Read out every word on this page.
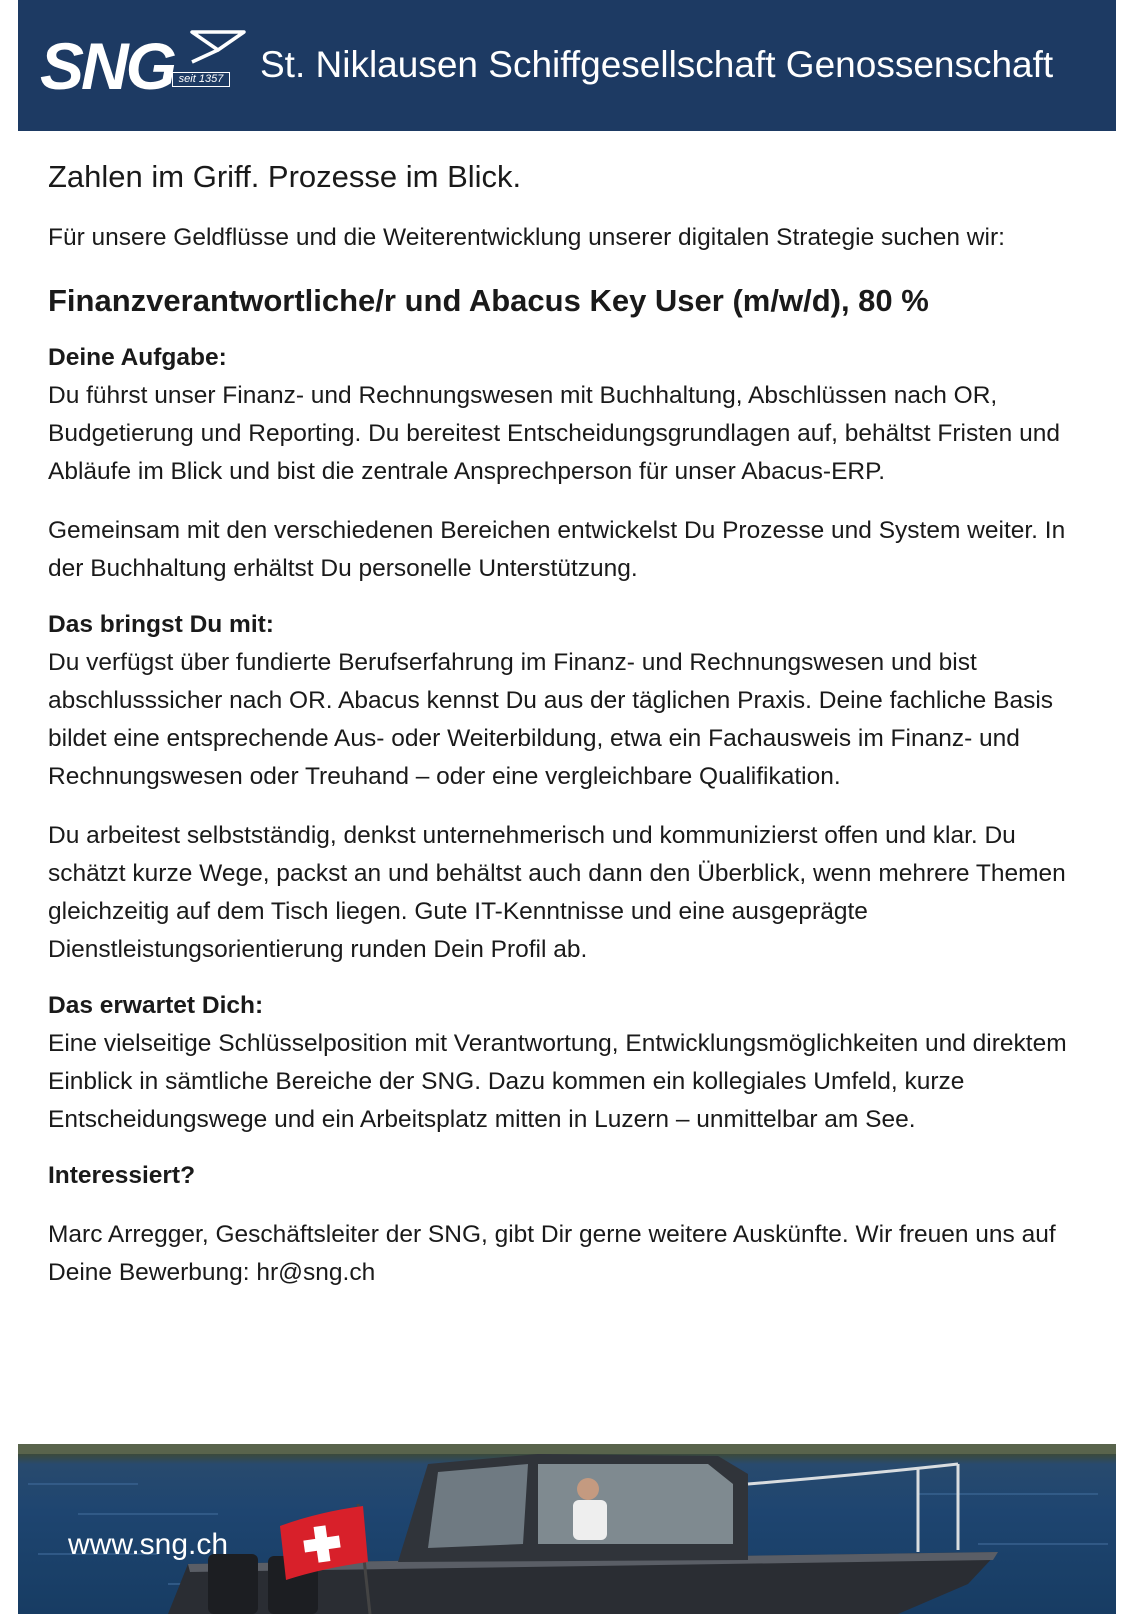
SNG seit 1357 St. Niklausen Schiffgesellschaft Genossenschaft
Zahlen im Griff. Prozesse im Blick.

Für unsere Geldflüsse und die Weiterentwicklung unserer digitalen Strategie suchen wir:

Finanzverantwortliche/r und Abacus Key User (m/w/d), 80 %
Deine Aufgabe:

Du führst unser Finanz- und Rechnungswesen mit Buchhaltung, Abschlüssen nach OR, Budgetierung und Reporting. Du bereitest Entscheidungsgrundlagen auf, behältst Fristen und Abläufe im Blick und bist die zentrale Ansprechperson für unser Abacus-ERP.

Gemeinsam mit den verschiedenen Bereichen entwickelst Du Prozesse und System weiter. In der Buchhaltung erhältst Du personelle Unterstützung.

Das bringst Du mit:

Du verfügst über fundierte Berufserfahrung im Finanz- und Rechnungswesen und bist abschlusssicher nach OR. Abacus kennst Du aus der täglichen Praxis. Deine fachliche Basis bildet eine entsprechende Aus- oder Weiterbildung, etwa ein Fachausweis im Finanz- und Rechnungswesen oder Treuhand – oder eine vergleichbare Qualifikation.

Du arbeitest selbstständig, denkst unternehmerisch und kommunizierst offen und klar. Du schätzt kurze Wege, packst an und behältst auch dann den Überblick, wenn mehrere Themen gleichzeitig auf dem Tisch liegen. Gute IT-Kenntnisse und eine ausgeprägte Dienstleistungsorientierung runden Dein Profil ab.

Das erwartet Dich:

Eine vielseitige Schlüsselposition mit Verantwortung, Entwicklungsmöglichkeiten und direktem Einblick in sämtliche Bereiche der SNG. Dazu kommen ein kollegiales Umfeld, kurze Entscheidungswege und ein Arbeitsplatz mitten in Luzern – unmittelbar am See.

Interessiert?

Marc Arregger, Geschäftsleiter der SNG, gibt Dir gerne weitere Auskünfte. Wir freuen uns auf Deine Bewerbung: hr@sng.ch

www.sng.ch
